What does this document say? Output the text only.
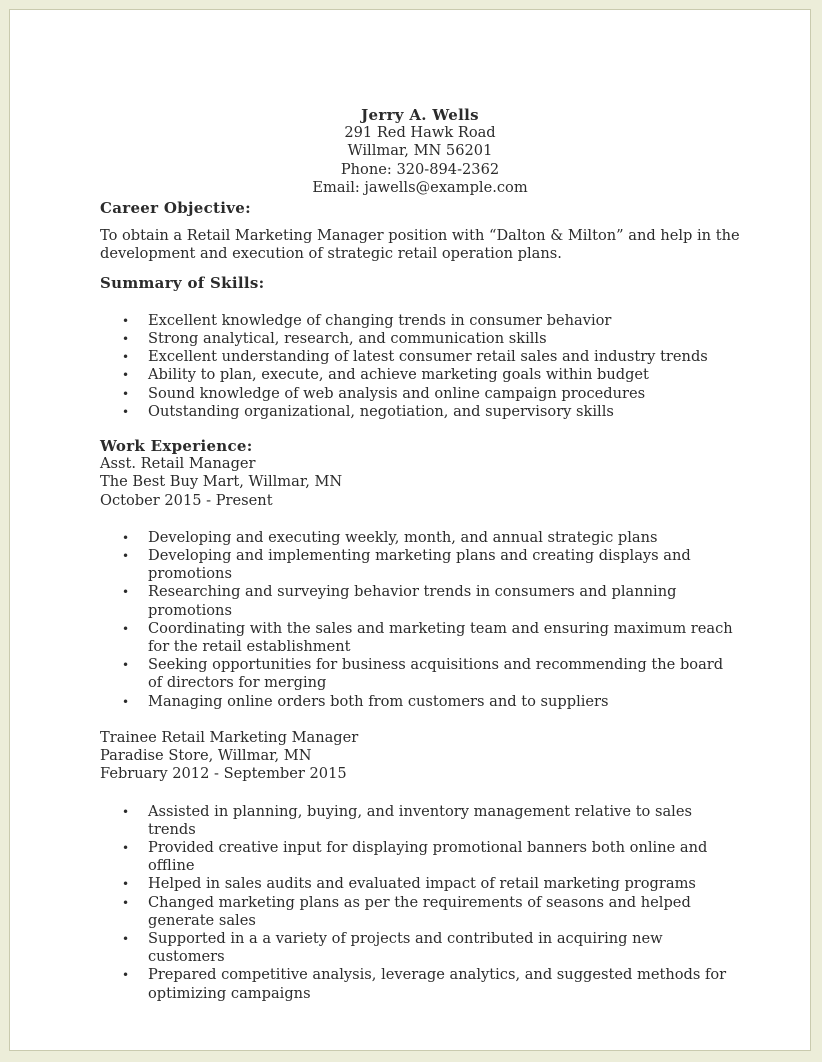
Jerry A. Wells
291 Red Hawk Road
Willmar, MN 56201
Phone: 320-894-2362
Email: jawells@example.com
Career Objective:
To obtain a Retail Marketing Manager position with “Dalton & Milton” and help in the development and execution of strategic retail operation plans.
Summary of Skills:
• Excellent knowledge of changing trends in consumer behavior
• Strong analytical, research, and communication skills
• Excellent understanding of latest consumer retail sales and industry trends
• Ability to plan, execute, and achieve marketing goals within budget
• Sound knowledge of web analysis and online campaign procedures
• Outstanding organizational, negotiation, and supervisory skills
Work Experience:
Asst. Retail Manager
The Best Buy Mart, Willmar, MN
October 2015 - Present
• Developing and executing weekly, month, and annual strategic plans
• Developing and implementing marketing plans and creating displays and promotions
• Researching and surveying behavior trends in consumers and planning promotions
• Coordinating with the sales and marketing team and ensuring maximum reach for the retail establishment
• Seeking opportunities for business acquisitions and recommending the board of directors for merging
• Managing online orders both from customers and to suppliers
Trainee Retail Marketing Manager
Paradise Store, Willmar, MN
February 2012 - September 2015
• Assisted in planning, buying, and inventory management relative to sales trends
• Provided creative input for displaying promotional banners both online and offline
• Helped in sales audits and evaluated impact of retail marketing programs
• Changed marketing plans as per the requirements of seasons and helped generate sales
• Supported in a a variety of projects and contributed in acquiring new customers
• Prepared competitive analysis, leverage analytics, and suggested methods for optimizing campaigns
